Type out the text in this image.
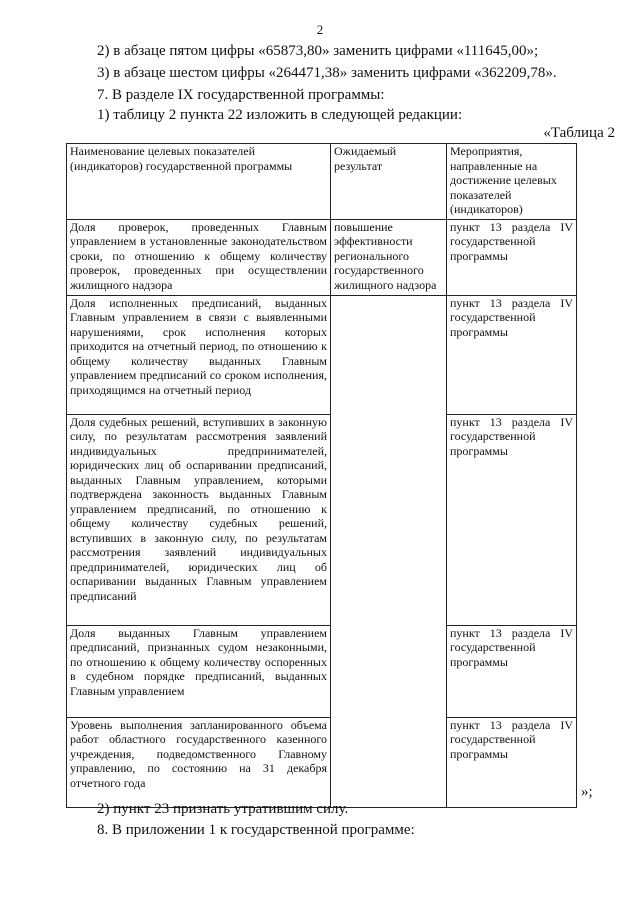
2
2) в абзаце пятом цифры «65873,80» заменить цифрами «111645,00»;
3) в абзаце шестом цифры «264471,38» заменить цифрами «362209,78».
7. В разделе IX государственной программы:
1) таблицу 2 пункта 22 изложить в следующей редакции:
«Таблица 2
Наименование целевых показателей (индикаторов) государственной программы	Ожидаемый результат	Мероприятия, направленные на достижение целевых показателей (индикаторов)
Доля проверок, проведенных Главным управлением в установленные законодательством сроки, по отношению к общему количеству проверок, проведенных при осуществлении жилищного надзора	повышение эффективности регионального государственного жилищного надзора	пункт 13 раздела IV государственной программы
Доля исполненных предписаний, выданных Главным управлением в связи с выявленными нарушениями, срок исполнения которых приходится на отчетный период, по отношению к общему количеству выданных Главным управлением предписаний со сроком исполнения, приходящимся на отчетный период		пункт 13 раздела IV государственной программы
Доля судебных решений, вступивших в законную силу, по результатам рассмотрения заявлений индивидуальных предпринимателей, юридических лиц об оспаривании предписаний, выданных Главным управлением, которыми подтверждена законность выданных Главным управлением предписаний, по отношению к общему количеству судебных решений, вступивших в законную силу, по результатам рассмотрения заявлений индивидуальных предпринимателей, юридических лиц об оспаривании выданных Главным управлением предписаний		пункт 13 раздела IV государственной программы
Доля выданных Главным управлением предписаний, признанных судом незаконными, по отношению к общему количеству оспоренных в судебном порядке предписаний, выданных Главным управлением		пункт 13 раздела IV государственной программы
Уровень выполнения запланированного объема работ областного государственного казенного учреждения, подведомственного Главному управлению, по состоянию на 31 декабря отчетного года		пункт 13 раздела IV государственной программы
»;
2) пункт 23 признать утратившим силу.
8. В приложении 1 к государственной программе:
